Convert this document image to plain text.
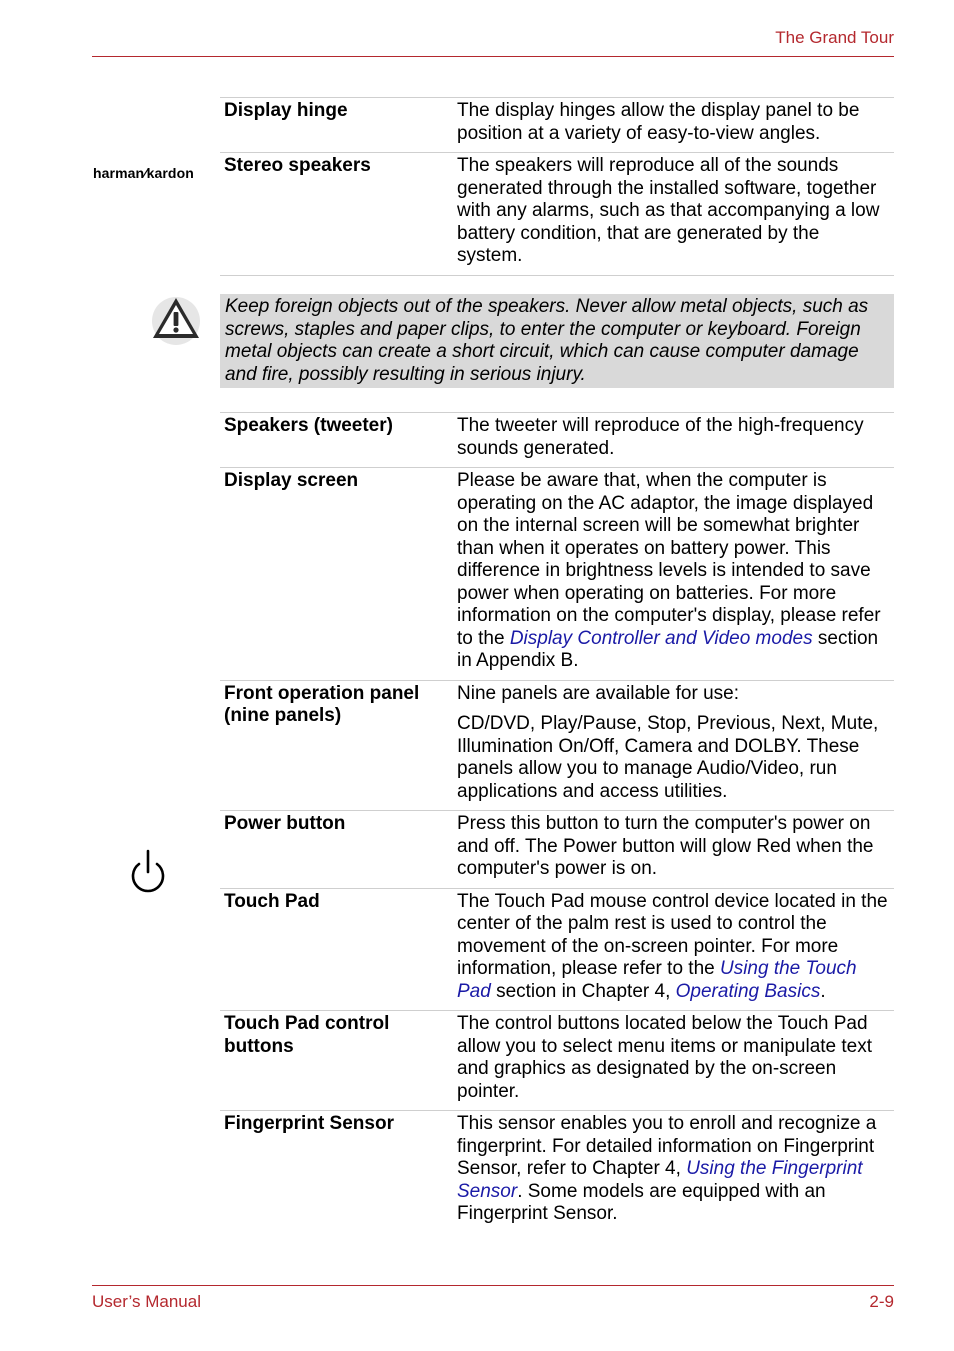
The Grand Tour
harman⁄kardon
Display hinge	The display hinges allow the display panel to be position at a variety of easy-to-view angles.
Stereo speakers	The speakers will reproduce all of the sounds generated through the installed software, together with any alarms, such as that accompanying a low battery condition, that are generated by the system.
Keep foreign objects out of the speakers. Never allow metal objects, such as screws, staples and paper clips, to enter the computer or keyboard. Foreign metal objects can create a short circuit, which can cause computer damage and fire, possibly resulting in serious injury.
Speakers (tweeter)	The tweeter will reproduce of the high-frequency sounds generated.
Display screen	Please be aware that, when the computer is operating on the AC adaptor, the image displayed on the internal screen will be somewhat brighter than when it operates on battery power. This difference in brightness levels is intended to save power when operating on batteries. For more information on the computer's display, please refer to the Display Controller and Video modes section in Appendix B.
Front operation panel (nine panels)	Nine panels are available for use:
CD/DVD, Play/Pause, Stop, Previous, Next, Mute, Illumination On/Off, Camera and DOLBY. These panels allow you to manage Audio/Video, run applications and access utilities.

Power button	Press this button to turn the computer's power on and off. The Power button will glow Red when the computer's power is on.
Touch Pad	The Touch Pad mouse control device located in the center of the palm rest is used to control the movement of the on-screen pointer. For more information, please refer to the Using the Touch Pad section in Chapter 4, Operating Basics.
Touch Pad control buttons	The control buttons located below the Touch Pad allow you to select menu items or manipulate text and graphics as designated by the on-screen pointer.
Fingerprint Sensor	This sensor enables you to enroll and recognize a fingerprint. For detailed information on Fingerprint Sensor, refer to Chapter 4, Using the Fingerprint Sensor. Some models are equipped with an Fingerprint Sensor.
User’s Manual	2-9
